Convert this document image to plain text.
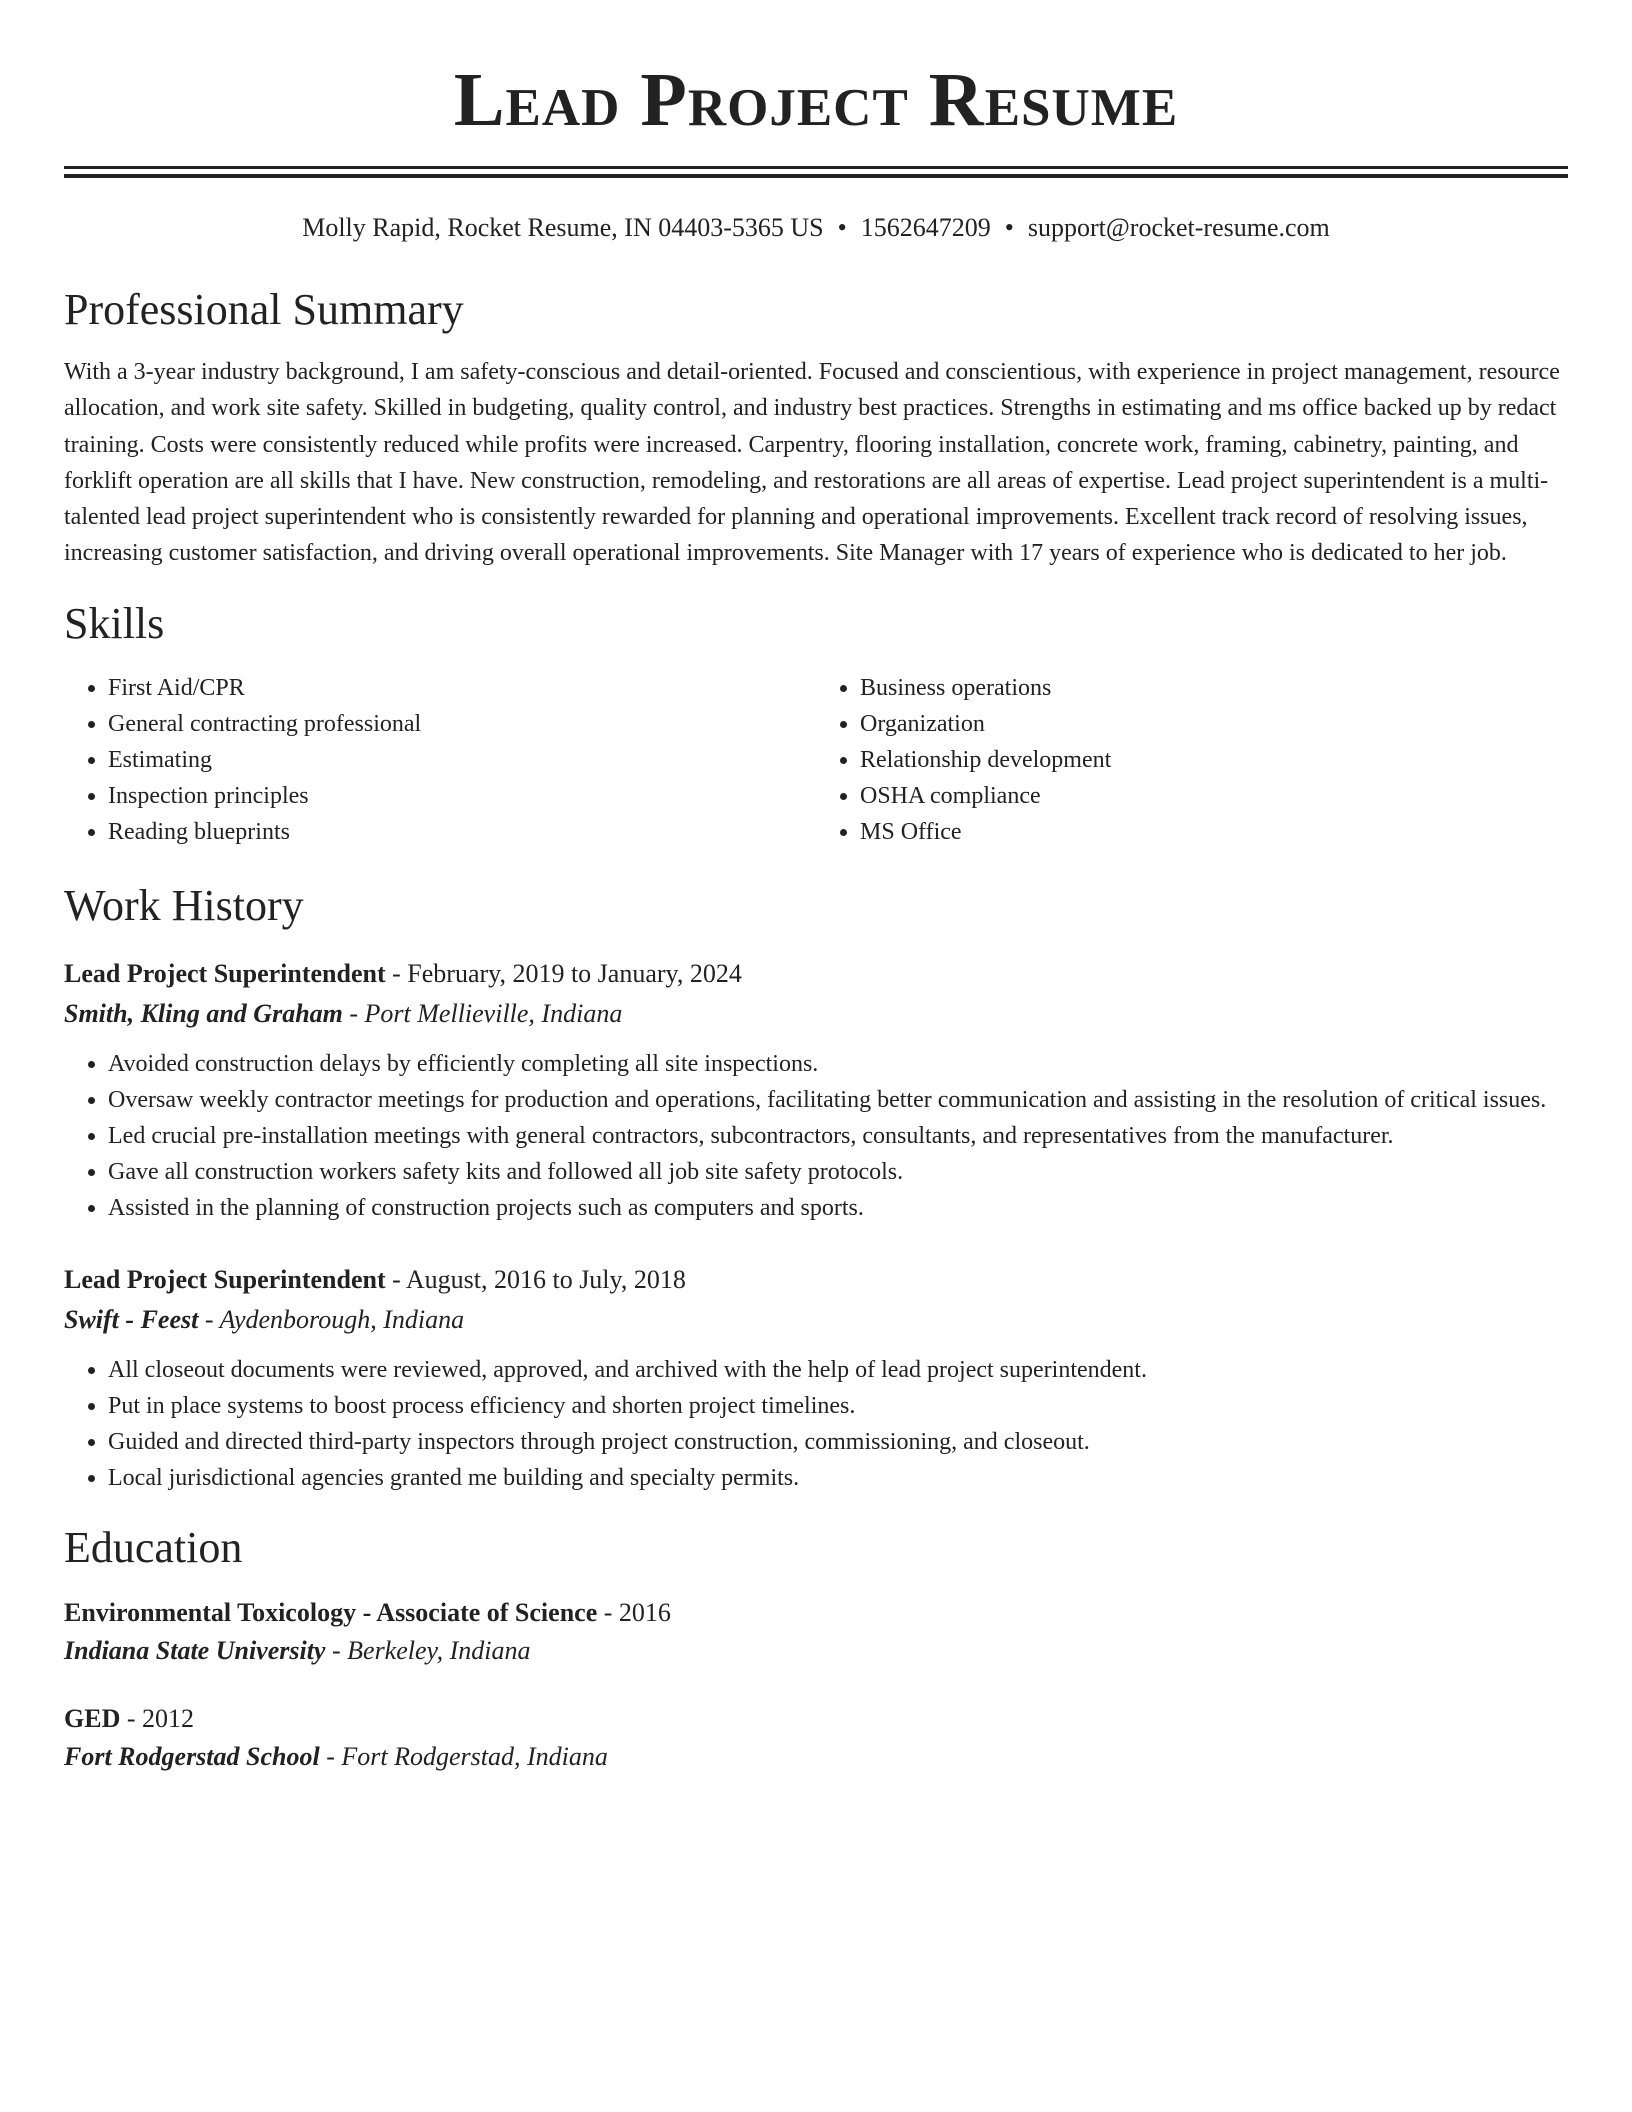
Lead Project Resume
Molly Rapid, Rocket Resume, IN 04403-5365 US • 1562647209 • support@rocket-resume.com
Professional Summary

With a 3-year industry background, I am safety-conscious and detail-oriented. Focused and conscientious, with experience in project management, resource allocation, and work site safety. Skilled in budgeting, quality control, and industry best practices. Strengths in estimating and ms office backed up by redact training. Costs were consistently reduced while profits were increased. Carpentry, flooring installation, concrete work, framing, cabinetry, painting, and forklift operation are all skills that I have. New construction, remodeling, and restorations are all areas of expertise. Lead project superintendent is a multi-talented lead project superintendent who is consistently rewarded for planning and operational improvements. Excellent track record of resolving issues, increasing customer satisfaction, and driving overall operational improvements. Site Manager with 17 years of experience who is dedicated to her job.

Skills
• First Aid/CPR
• General contracting professional
• Estimating
• Inspection principles
• Reading blueprints
• Business operations
• Organization
• Relationship development
• OSHA compliance
• MS Office
Work History
Lead Project Superintendent - February, 2019 to January, 2024
Smith, Kling and Graham - Port Mellieville, Indiana
• Avoided construction delays by efficiently completing all site inspections.
• Oversaw weekly contractor meetings for production and operations, facilitating better communication and assisting in the resolution of critical issues.
• Led crucial pre-installation meetings with general contractors, subcontractors, consultants, and representatives from the manufacturer.
• Gave all construction workers safety kits and followed all job site safety protocols.
• Assisted in the planning of construction projects such as computers and sports.
Lead Project Superintendent - August, 2016 to July, 2018
Swift - Feest - Aydenborough, Indiana
• All closeout documents were reviewed, approved, and archived with the help of lead project superintendent.
• Put in place systems to boost process efficiency and shorten project timelines.
• Guided and directed third-party inspectors through project construction, commissioning, and closeout.
• Local jurisdictional agencies granted me building and specialty permits.
Education
Environmental Toxicology - Associate of Science - 2016
Indiana State University - Berkeley, Indiana
GED - 2012
Fort Rodgerstad School - Fort Rodgerstad, Indiana
